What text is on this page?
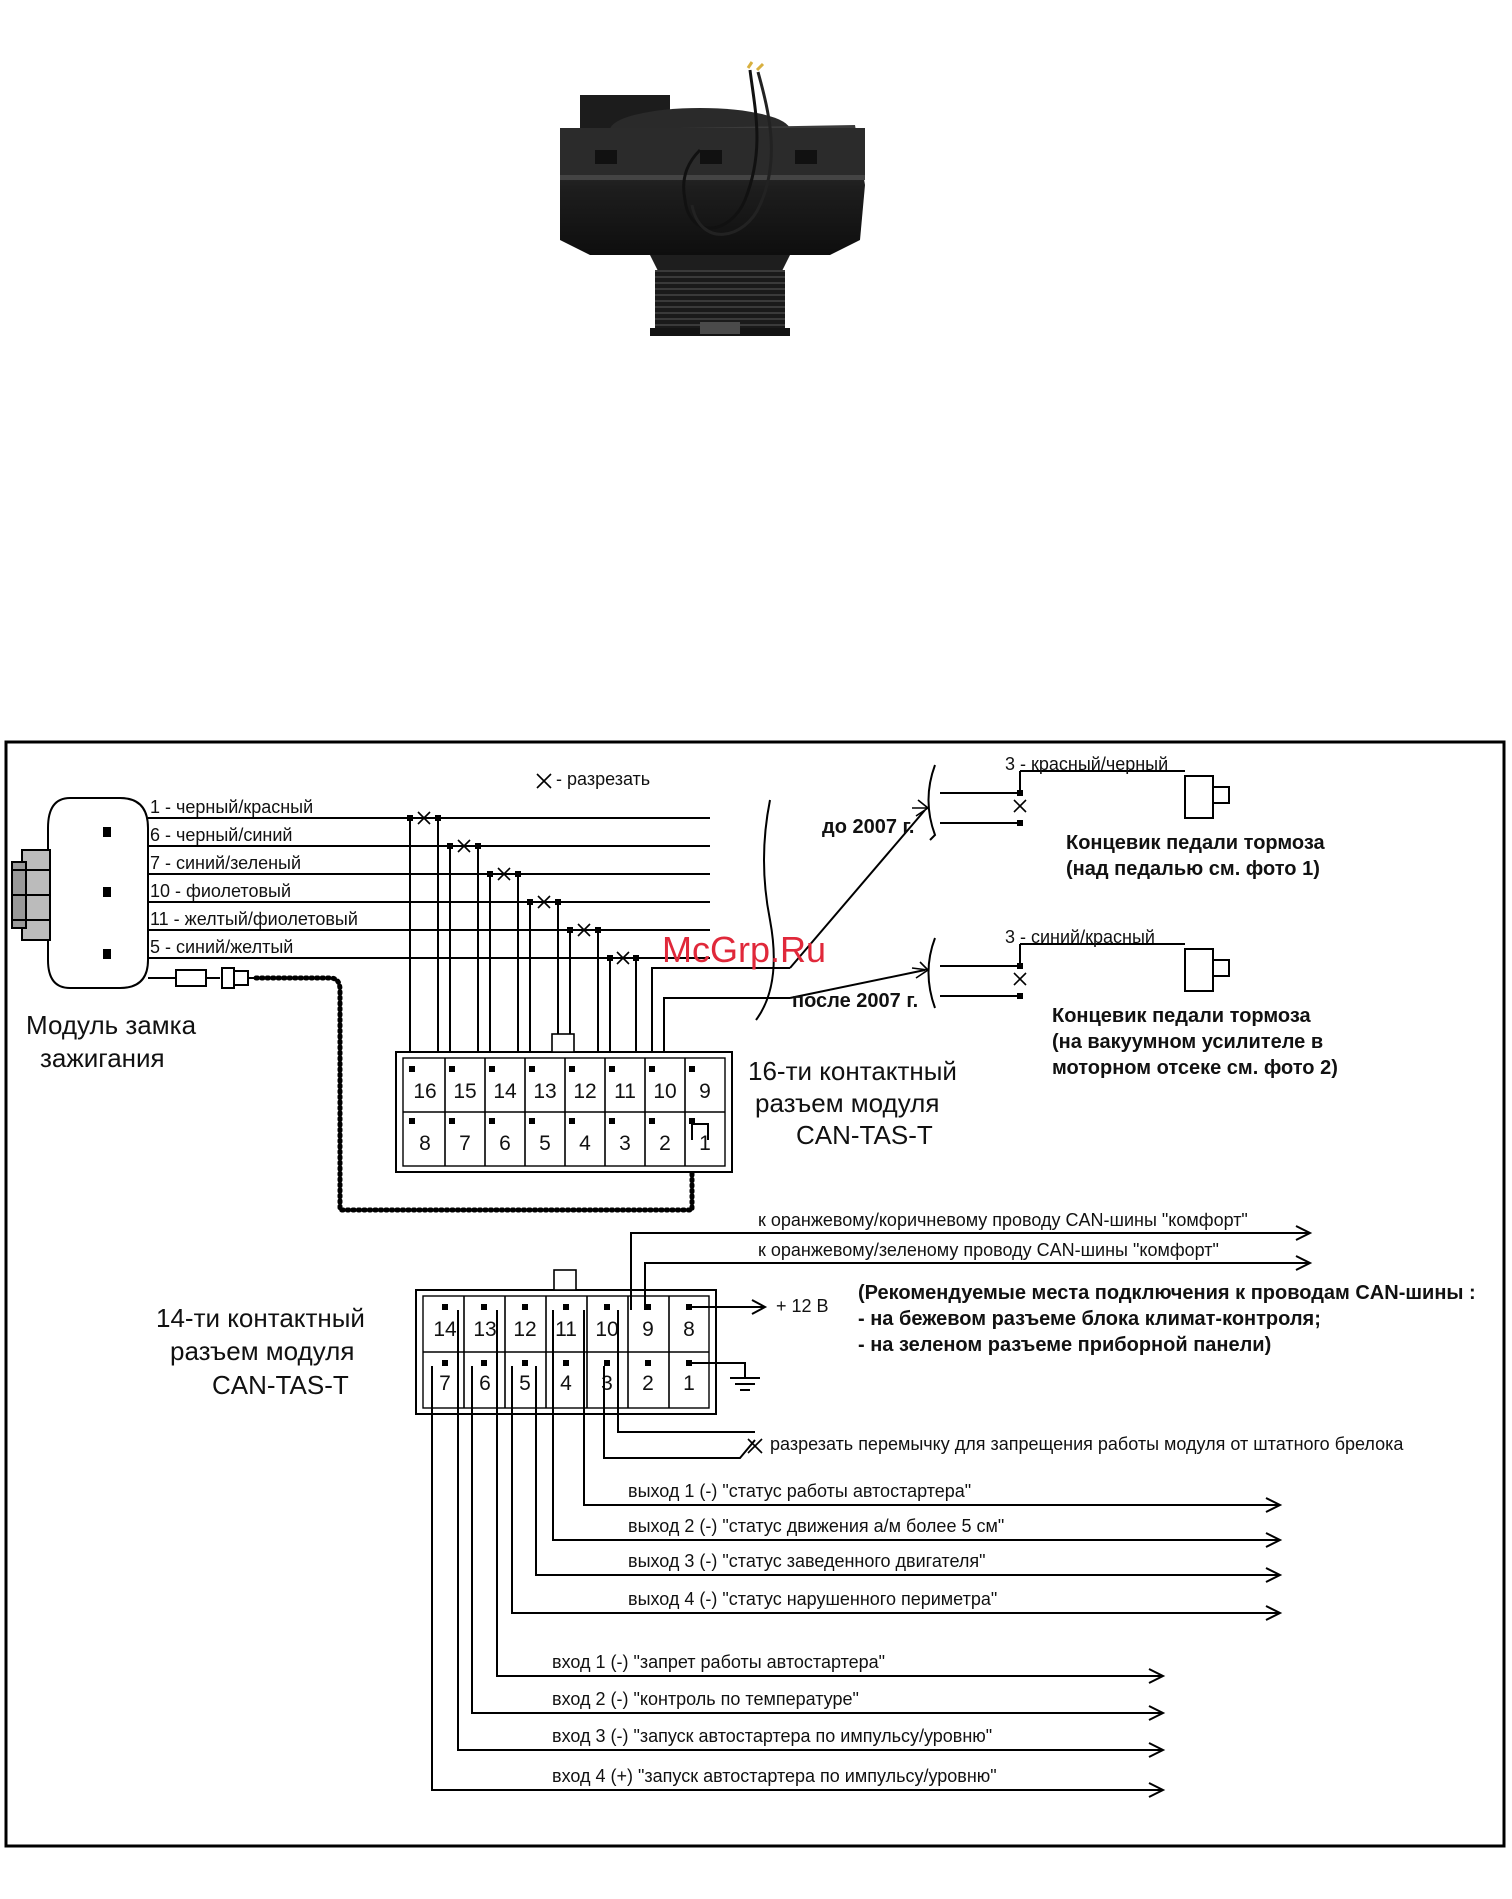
1 - черный/красный
6 - черный/синий
7 - синий/зеленый
10 - фиолетовый
11 - желтый/фиолетовый
5 - синий/желтый
- разрезать
Модуль замка
зажигания
16 15 14 13 12 11 10 9
8 7 6 5 4 3 2 1
16-ти контактный
разъем модуля
CAN-TAS-T
до 2007 г.
после 2007 г.
3 - красный/черный
3 - синий/красный
Концевик педали тормоза
(над педалью см. фото 1)
Концевик педали тормоза
(на вакуумном усилителе в
моторном отсеке см. фото 2)
McGrp.Ru
14 13 12 11 10 9 8
7 6 5 4 3 2 1
14-ти контактный
разъем модуля
CAN-TAS-T
к оранжевому/коричневому проводу CAN-шины "комфорт"
к оранжевому/зеленому проводу CAN-шины "комфорт"
+ 12 В
(Рекомендуемые места подключения к проводам CAN-шины :
- на бежевом разъеме блока климат-контроля;
- на зеленом разъеме приборной панели)
разрезать перемычку для запрещения работы модуля от штатного брелока
выход 1 (-) "статус работы автостартера"
выход 2 (-) "статус движения а/м более 5 см"
выход 3 (-) "статус заведенного двигателя"
выход 4 (-) "статус нарушенного периметра"
вход 1 (-) "запрет работы автостартера"
вход 2 (-) "контроль по температуре"
вход 3 (-) "запуск автостартера по импульсу/уровню"
вход 4 (+) "запуск автостартера по импульсу/уровню"
